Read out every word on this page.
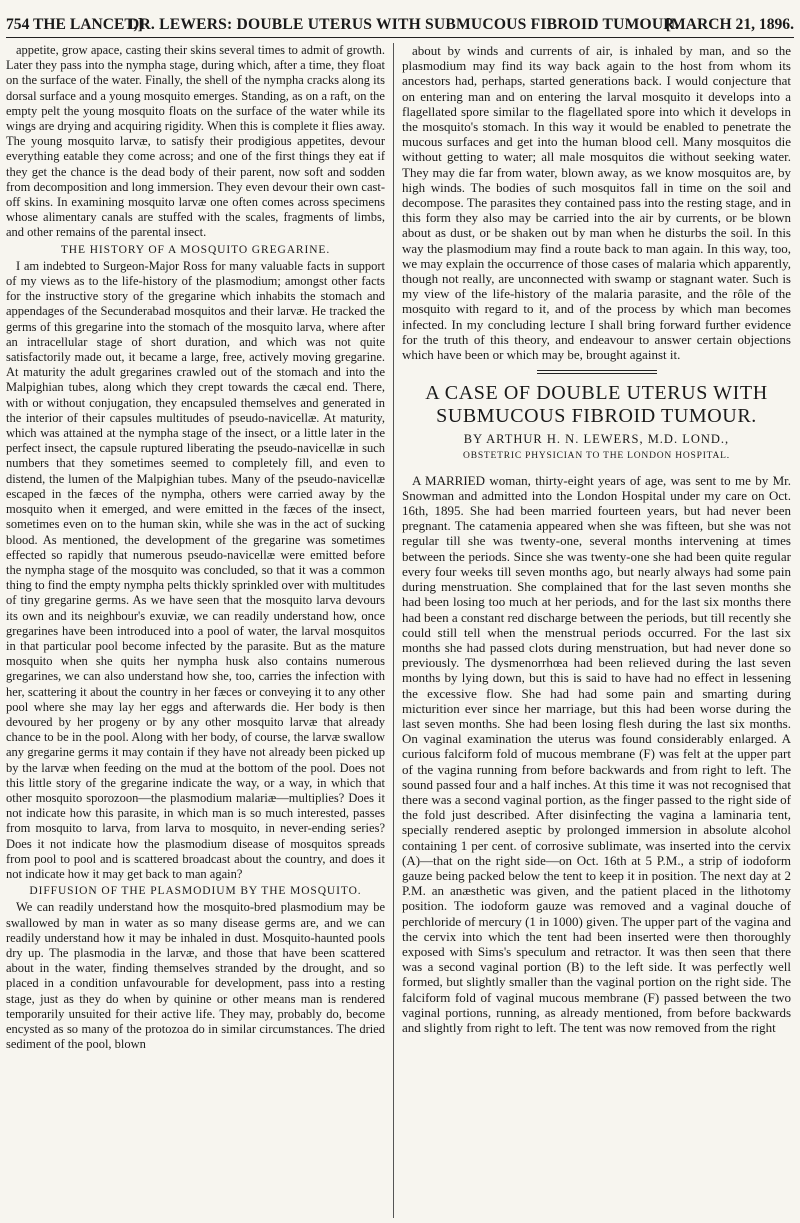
754 THE LANCET,]
DR. LEWERS: DOUBLE UTERUS WITH SUBMUCOUS FIBROID TUMOUR.
[MARCH 21, 1896.

appetite, grow apace, casting their skins several times to admit of growth. Later they pass into the nympha stage, during which, after a time, they float on the surface of the water. Finally, the shell of the nympha cracks along its dorsal surface and a young mosquito emerges. Standing, as on a raft, on the empty pelt the young mosquito floats on the surface of the water while its wings are drying and acquiring rigidity. When this is complete it flies away. The young mosquito larvæ, to satisfy their prodigious appetites, devour everything eatable they come across; and one of the first things they eat if they get the chance is the dead body of their parent, now soft and sodden from decomposition and long immersion. They even devour their own cast-off skins. In examining mosquito larvæ one often comes across specimens whose alimentary canals are stuffed with the scales, fragments of limbs, and other remains of the parental insect.

THE HISTORY OF A MOSQUITO GREGARINE.

I am indebted to Surgeon-Major Ross for many valuable facts in support of my views as to the life-history of the plasmodium; amongst other facts for the instructive story of the gregarine which inhabits the stomach and appendages of the Secunderabad mosquitos and their larvæ. He tracked the germs of this gregarine into the stomach of the mosquito larva, where after an intracellular stage of short duration, and which was not quite satisfactorily made out, it became a large, free, actively moving gregarine. At maturity the adult gregarines crawled out of the stomach and into the Malpighian tubes, along which they crept towards the cæcal end. There, with or without conjugation, they encapsuled themselves and generated in the interior of their capsules multitudes of pseudo-navicellæ. At maturity, which was attained at the nympha stage of the insect, or a little later in the perfect insect, the capsule ruptured liberating the pseudo-navicellæ in such numbers that they sometimes seemed to completely fill, and even to distend, the lumen of the Malpighian tubes. Many of the pseudo-navicellæ escaped in the fæces of the nympha, others were carried away by the mosquito when it emerged, and were emitted in the fæces of the insect, sometimes even on to the human skin, while she was in the act of sucking blood. As mentioned, the development of the gregarine was sometimes effected so rapidly that numerous pseudo-navicellæ were emitted before the nympha stage of the mosquito was concluded, so that it was a common thing to find the empty nympha pelts thickly sprinkled over with multitudes of tiny gregarine germs. As we have seen that the mosquito larva devours its own and its neighbour's exuviæ, we can readily understand how, once gregarines have been introduced into a pool of water, the larval mosquitos in that particular pool become infected by the parasite. But as the mature mosquito when she quits her nympha husk also contains numerous gregarines, we can also understand how she, too, carries the infection with her, scattering it about the country in her fæces or conveying it to any other pool where she may lay her eggs and afterwards die. Her body is then devoured by her progeny or by any other mosquito larvæ that already chance to be in the pool. Along with her body, of course, the larvæ swallow any gregarine germs it may contain if they have not already been picked up by the larvæ when feeding on the mud at the bottom of the pool. Does not this little story of the gregarine indicate the way, or a way, in which that other mosquito sporozoon—the plasmodium malariæ—multiplies? Does it not indicate how this parasite, in which man is so much interested, passes from mosquito to larva, from larva to mosquito, in never-ending series? Does it not indicate how the plasmodium disease of mosquitos spreads from pool to pool and is scattered broadcast about the country, and does it not indicate how it may get back to man again?

DIFFUSION OF THE PLASMODIUM BY THE MOSQUITO.

We can readily understand how the mosquito-bred plasmodium may be swallowed by man in water as so many disease germs are, and we can readily understand how it may be inhaled in dust. Mosquito-haunted pools dry up. The plasmodia in the larvæ, and those that have been scattered about in the water, finding themselves stranded by the drought, and so placed in a condition unfavourable for development, pass into a resting stage, just as they do when by quinine or other means man is rendered temporarily unsuited for their active life. They may, probably do, become encysted as so many of the protozoa do in similar circumstances. The dried sediment of the pool, blown

about by winds and currents of air, is inhaled by man, and so the plasmodium may find its way back again to the host from whom its ancestors had, perhaps, started generations back. I would conjecture that on entering man and on entering the larval mosquito it develops into a flagellated spore similar to the flagellated spore into which it develops in the mosquito's stomach. In this way it would be enabled to penetrate the mucous surfaces and get into the human blood cell. Many mosquitos die without getting to water; all male mosquitos die without seeking water. They may die far from water, blown away, as we know mosquitos are, by high winds. The bodies of such mosquitos fall in time on the soil and decompose. The parasites they contained pass into the resting stage, and in this form they also may be carried into the air by currents, or be blown about as dust, or be shaken out by man when he disturbs the soil. In this way the plasmodium may find a route back to man again. In this way, too, we may explain the occurrence of those cases of malaria which apparently, though not really, are unconnected with swamp or stagnant water. Such is my view of the life-history of the malaria parasite, and the rôle of the mosquito with regard to it, and of the process by which man becomes infected. In my concluding lecture I shall bring forward further evidence for the truth of this theory, and endeavour to answer certain objections which have been or which may be, brought against it.

A CASE OF DOUBLE UTERUS WITH SUBMUCOUS FIBROID TUMOUR.
BY ARTHUR H. N. LEWERS, M.D. LOND.,
OBSTETRIC PHYSICIAN TO THE LONDON HOSPITAL.

A MARRIED woman, thirty-eight years of age, was sent to me by Mr. Snowman and admitted into the London Hospital under my care on Oct. 16th, 1895. She had been married fourteen years, but had never been pregnant. The catamenia appeared when she was fifteen, but she was not regular till she was twenty-one, several months intervening at times between the periods. Since she was twenty-one she had been quite regular every four weeks till seven months ago, but nearly always had some pain during menstruation. She complained that for the last seven months she had been losing too much at her periods, and for the last six months there had been a constant red discharge between the periods, but till recently she could still tell when the menstrual periods occurred. For the last six months she had passed clots during menstruation, but had never done so previously. The dysmenorrhœa had been relieved during the last seven months by lying down, but this is said to have had no effect in lessening the excessive flow. She had had some pain and smarting during micturition ever since her marriage, but this had been worse during the last seven months. She had been losing flesh during the last six months. On vaginal examination the uterus was found considerably enlarged. A curious falciform fold of mucous membrane (F) was felt at the upper part of the vagina running from before backwards and from right to left. The sound passed four and a half inches. At this time it was not recognised that there was a second vaginal portion, as the finger passed to the right side of the fold just described. After disinfecting the vagina a laminaria tent, specially rendered aseptic by prolonged immersion in absolute alcohol containing 1 per cent. of corrosive sublimate, was inserted into the cervix (A)—that on the right side—on Oct. 16th at 5 P.M., a strip of iodoform gauze being packed below the tent to keep it in position. The next day at 2 P.M. an anæsthetic was given, and the patient placed in the lithotomy position. The iodoform gauze was removed and a vaginal douche of perchloride of mercury (1 in 1000) given. The upper part of the vagina and the cervix into which the tent had been inserted were then thoroughly exposed with Sims's speculum and retractor. It was then seen that there was a second vaginal portion (B) to the left side. It was perfectly well formed, but slightly smaller than the vaginal portion on the right side. The falciform fold of vaginal mucous membrane (F) passed between the two vaginal portions, running, as already mentioned, from before backwards and slightly from right to left. The tent was now removed from the right
